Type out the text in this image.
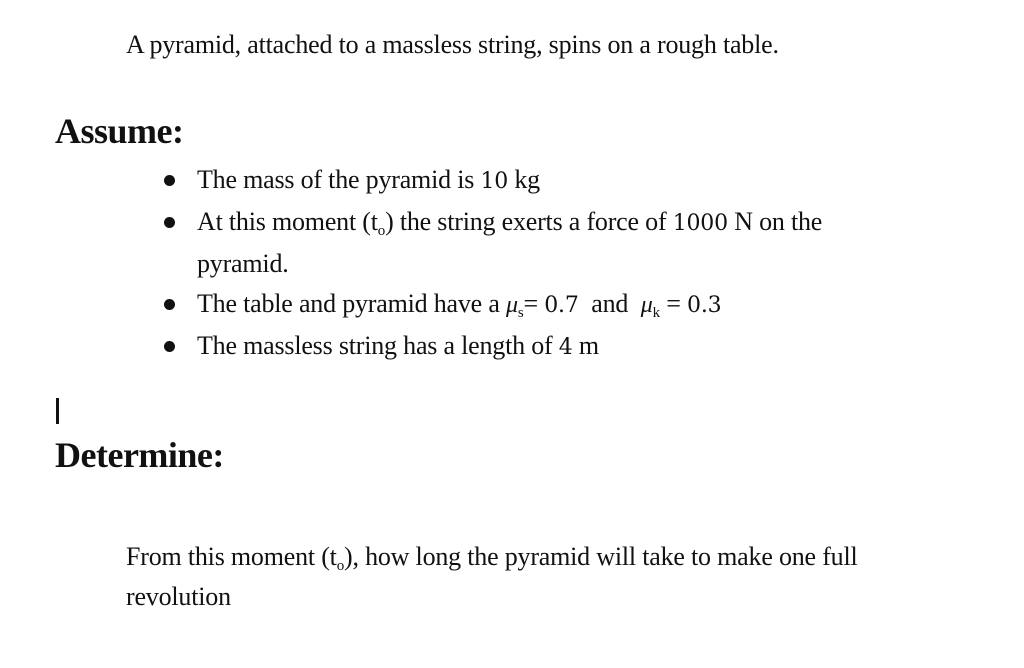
A pyramid, attached to a massless string, spins on a rough table.

Assume:
The mass of the pyramid is 10 kg
At this moment $(t_o)$ the string exerts a force of 1000 N on the pyramid.
The table and pyramid have a $\mu_s= 0.7$  and  $\mu_k = 0.3$
The massless string has a length of 4 m
Determine:

From this moment $(t_o)$, how long the pyramid will take to make one full revolution
